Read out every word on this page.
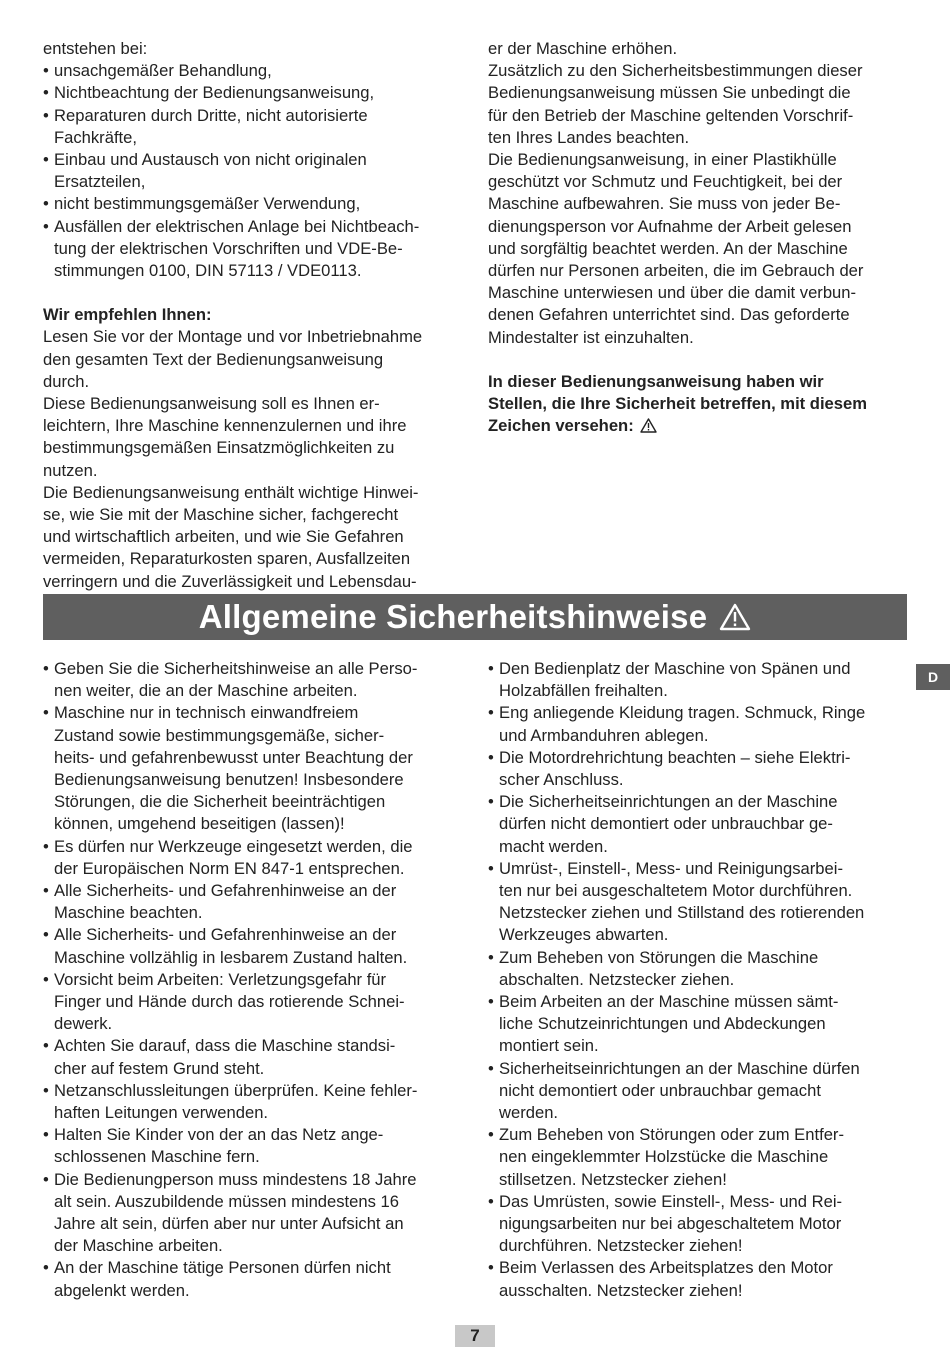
entstehen bei:

• unsachgemäßer Behandlung,

• Nichtbeachtung der Bedienungsanweisung,

• Reparaturen durch Dritte, nicht autorisierte

Fachkräfte,

• Einbau und Austausch von nicht originalen

Ersatzteilen,

• nicht bestimmungsgemäßer Verwendung,

• Ausfällen der elektrischen Anlage bei Nichtbeach-

tung der elektrischen Vorschriften und VDE-Be-

stimmungen 0100, DIN 57113 / VDE0113.

Wir empfehlen Ihnen:

Lesen Sie vor der Montage und vor Inbetriebnahme

den gesamten Text der Bedienungsanweisung

durch.

Diese Bedienungsanweisung soll es Ihnen er-

leichtern, Ihre Maschine kennenzulernen und ihre

bestimmungsgemäßen Einsatzmöglichkeiten zu

nutzen.

Die Bedienungsanweisung enthält wichtige Hinwei-

se, wie Sie mit der Maschine sicher, fachgerecht

und wirtschaftlich arbeiten, und wie Sie Gefahren

vermeiden, Reparaturkosten sparen, Ausfallzeiten

verringern und die Zuverlässigkeit und Lebensdau-

er der Maschine erhöhen.

Zusätzlich zu den Sicherheitsbestimmungen dieser

Bedienungsanweisung müssen Sie unbedingt die

für den Betrieb der Maschine geltenden Vorschrif-

ten Ihres Landes beachten.

Die Bedienungsanweisung, in einer Plastikhülle

geschützt vor Schmutz und Feuchtigkeit, bei der

Maschine aufbewahren. Sie muss von jeder Be-

dienungsperson vor Aufnahme der Arbeit gelesen

und sorgfältig beachtet werden. An der Maschine

dürfen nur Personen arbeiten, die im Gebrauch der

Maschine unterwiesen und über die damit verbun-

denen Gefahren unterrichtet sind. Das geforderte

Mindestalter ist einzuhalten.

In dieser Bedienungsanweisung haben wir

Stellen, die Ihre Sicherheit betreffen, mit diesem

Zeichen versehen:

Allgemeine Sicherheitshinweise

• Geben Sie die Sicherheitshinweise an alle Perso-

nen weiter, die an der Maschine arbeiten.

• Maschine nur in technisch einwandfreiem

Zustand sowie bestimmungsgemäße, sicher-

heits- und gefahrenbewusst unter Beachtung der

Bedienungsanweisung benutzen! Insbesondere

Störungen, die die Sicherheit beeinträchtigen

können, umgehend beseitigen (lassen)!

• Es dürfen nur Werkzeuge eingesetzt werden, die

der Europäischen Norm EN 847-1 entsprechen.

• Alle Sicherheits- und Gefahrenhinweise an der

Maschine beachten.

• Alle Sicherheits- und Gefahrenhinweise an der

Maschine vollzählig in lesbarem Zustand halten.

• Vorsicht beim Arbeiten: Verletzungsgefahr für

Finger und Hände durch das rotierende Schnei-

dewerk.

• Achten Sie darauf, dass die Maschine standsi-

cher auf festem Grund steht.

• Netzanschlussleitungen überprüfen. Keine fehler-

haften Leitungen verwenden.

• Halten Sie Kinder von der an das Netz ange-

schlossenen Maschine fern.

• Die Bedienungperson muss mindestens 18 Jahre

alt sein. Auszubildende müssen mindestens 16

Jahre alt sein, dürfen aber nur unter Aufsicht an

der Maschine arbeiten.

• An der Maschine tätige Personen dürfen nicht

abgelenkt werden.

• Den Bedienplatz der Maschine von Spänen und

Holzabfällen freihalten.

• Eng anliegende Kleidung tragen. Schmuck, Ringe

und Armbanduhren ablegen.

• Die Motordrehrichtung beachten – siehe Elektri-

scher Anschluss.

• Die Sicherheitseinrichtungen an der Maschine

dürfen nicht demontiert oder unbrauchbar ge-

macht werden.

• Umrüst-, Einstell-, Mess- und Reinigungsarbei-

ten nur bei ausgeschaltetem Motor durchführen.

Netzstecker ziehen und Stillstand des rotierenden

Werkzeuges abwarten.

• Zum Beheben von Störungen die Maschine

abschalten. Netzstecker ziehen.

• Beim Arbeiten an der Maschine müssen sämt-

liche Schutzeinrichtungen und Abdeckungen

montiert sein.

• Sicherheitseinrichtungen an der Maschine dürfen

nicht demontiert oder unbrauchbar gemacht

werden.

• Zum Beheben von Störungen oder zum Entfer-

nen eingeklemmter Holzstücke die Maschine

stillsetzen. Netzstecker ziehen!

• Das Umrüsten, sowie Einstell-, Mess- und Rei-

nigungsarbeiten nur bei abgeschaltetem Motor

durchführen. Netzstecker ziehen!

• Beim Verlassen des Arbeitsplatzes den Motor

ausschalten. Netzstecker ziehen!

D
7
